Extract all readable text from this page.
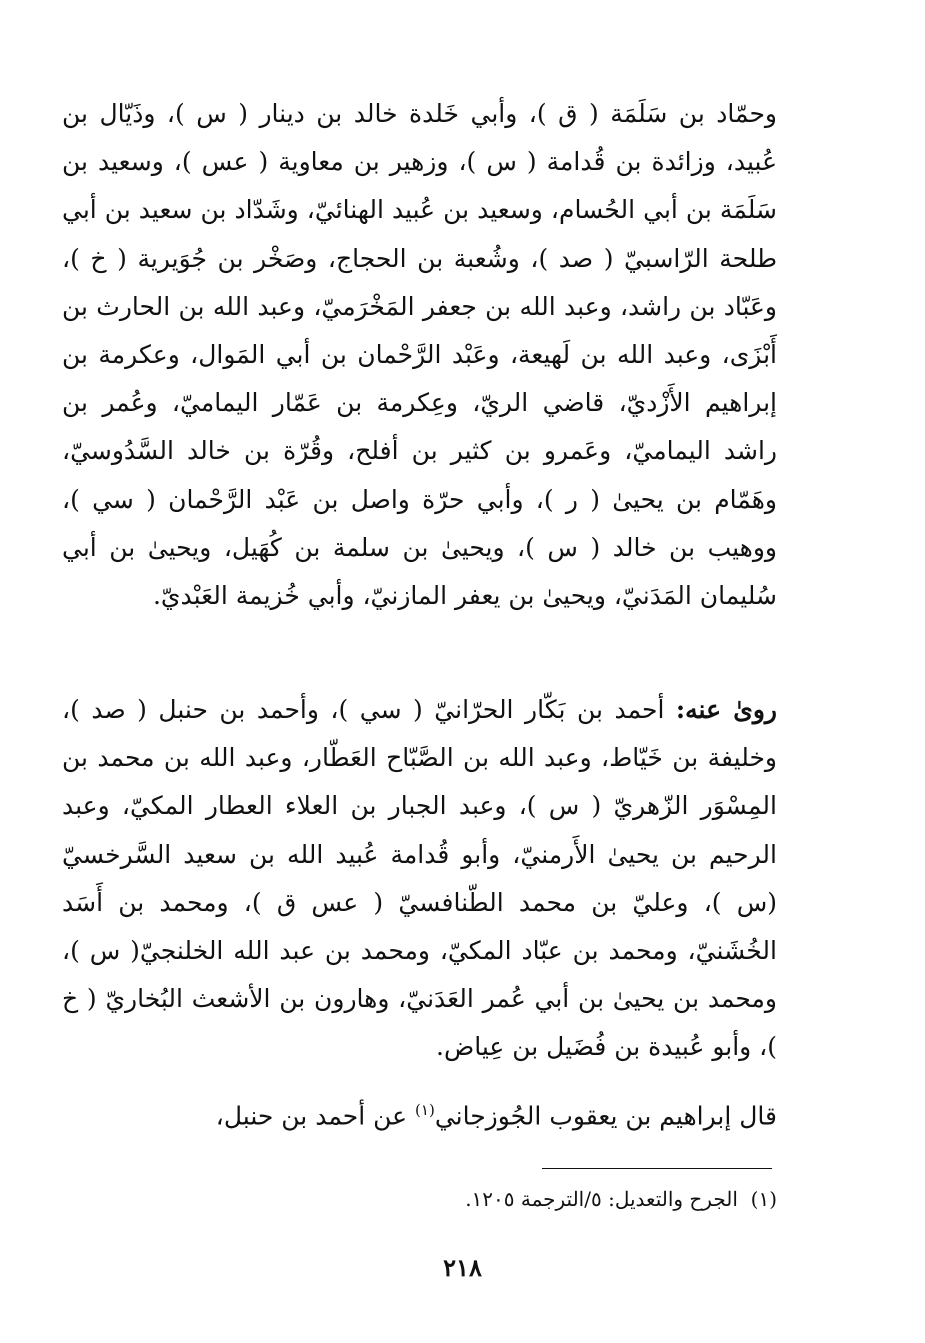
وحمّاد بن سَلَمَة ( ق )، وأبي خَلدة خالد بن دينار ( س )، وذَيّال بن عُبيد، وزائدة بن قُدامة ( س )، وزهير بن معاوية ( عس )، وسعيد بن سَلَمَة بن أبي الحُسام، وسعيد بن عُبيد الهنائيّ، وشَدّاد بن سعيد بن أبي طلحة الرّاسبيّ ( صد )، وشُعبة بن الحجاج، وصَخْر بن جُوَيرية ( خ )، وعَبّاد بن راشد، وعبد الله بن جعفر المَخْرَميّ، وعبد الله بن الحارث بن أَبْزَى، وعبد الله بن لَهيعة، وعَبْد الرَّحْمان بن أبي المَوال، وعكرمة بن إبراهيم الأَزْديّ، قاضي الريّ، وعِكرمة بن عَمّار اليماميّ، وعُمر بن راشد اليماميّ، وعَمرو بن كثير بن أفلح، وقُرّة بن خالد السَّدُوسيّ، وهَمّام بن يحيىٰ ( ر )، وأبي حرّة واصل بن عَبْد الرَّحْمان ( سي )، ووهيب بن خالد ( س )، ويحيىٰ بن سلمة بن كُهَيل، ويحيىٰ بن أبي سُليمان المَدَنيّ، ويحيىٰ بن يعفر المازنيّ، وأبي خُزيمة العَبْديّ.

روىٰ عنه: أحمد بن بَكّار الحرّانيّ ( سي )، وأحمد بن حنبل ( صد )، وخليفة بن خَيّاط، وعبد الله بن الصَّبّاح العَطّار، وعبد الله بن محمد بن المِسْوَر الزّهريّ ( س )، وعبد الجبار بن العلاء العطار المكيّ، وعبد الرحيم بن يحيىٰ الأَرمنيّ، وأبو قُدامة عُبيد الله بن سعيد السَّرخسيّ (س )، وعليّ بن محمد الطّنافسيّ ( عس ق )، ومحمد بن أَسَد الخُشَنيّ، ومحمد بن عبّاد المكيّ، ومحمد بن عبد الله الخلنجيّ( س )، ومحمد بن يحيىٰ بن أبي عُمر العَدَنيّ، وهارون بن الأشعث البُخاريّ ( خ )، وأبو عُبيدة بن فُضَيل بن عِياض.

قال إبراهيم بن يعقوب الجُوزجاني$^{(١)}$ عن أحمد بن حنبل،

(١)  الجرح والتعديل: ٥/الترجمة ١٢٠٥.

٢١٨
